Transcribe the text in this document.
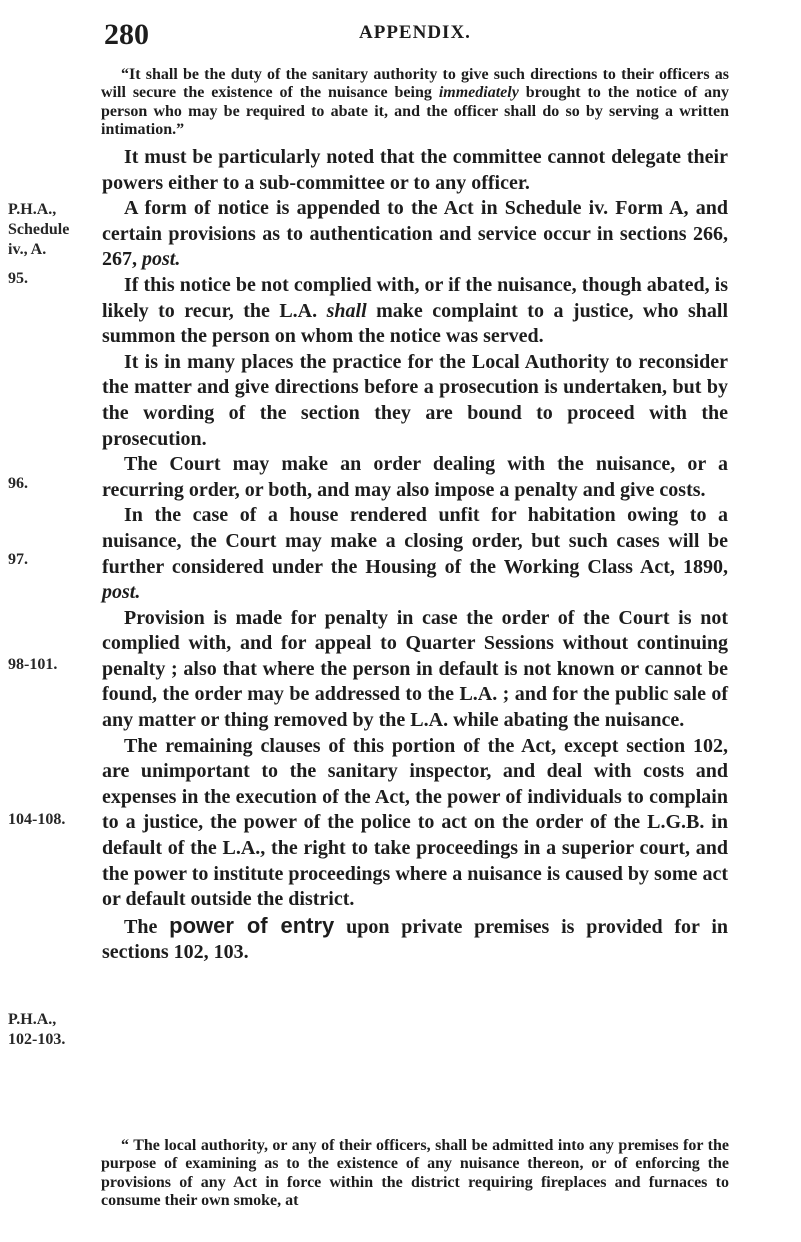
280	APPENDIX.
“It shall be the duty of the sanitary authority to give such directions to their officers as will secure the existence of the nuisance being immediately brought to the notice of any person who may be required to abate it, and the officer shall do so by serving a written intimation.”

It must be particularly noted that the committee cannot delegate their powers either to a sub-committee or to any officer.

A form of notice is appended to the Act in Schedule iv. Form A, and certain provisions as to authentication and service occur in sections 266, 267, post.

If this notice be not complied with, or if the nuisance, though abated, is likely to recur, the L.A. shall make complaint to a justice, who shall summon the person on whom the notice was served.

It is in many places the practice for the Local Authority to reconsider the matter and give directions before a prosecution is undertaken, but by the wording of the section they are bound to proceed with the prosecution.

The Court may make an order dealing with the nuisance, or a recurring order, or both, and may also impose a penalty and give costs.

In the case of a house rendered unfit for habitation owing to a nuisance, the Court may make a closing order, but such cases will be further considered under the Housing of the Working Class Act, 1890, post.

Provision is made for penalty in case the order of the Court is not complied with, and for appeal to Quarter Sessions without continuing penalty ; also that where the person in default is not known or cannot be found, the order may be addressed to the L.A. ; and for the public sale of any matter or thing removed by the L.A. while abating the nuisance.

The remaining clauses of this portion of the Act, except section 102, are unimportant to the sanitary inspector, and deal with costs and expenses in the execution of the Act, the power of individuals to complain to a justice, the power of the police to act on the order of the L.G.B. in default of the L.A., the right to take proceedings in a superior court, and the power to institute proceedings where a nuisance is caused by some act or default outside the district.

The power of entry upon private premises is provided for in sections 102, 103.

“ The local authority, or any of their officers, shall be admitted into any premises for the purpose of examining as to the existence of any nuisance thereon, or of enforcing the provisions of any Act in force within the district requiring fireplaces and furnaces to consume their own smoke, at
P.H.A.,
Schedule
iv., A.
95.
96.
97.
98-101.
104-108.
P.H.A.,
102-103.
